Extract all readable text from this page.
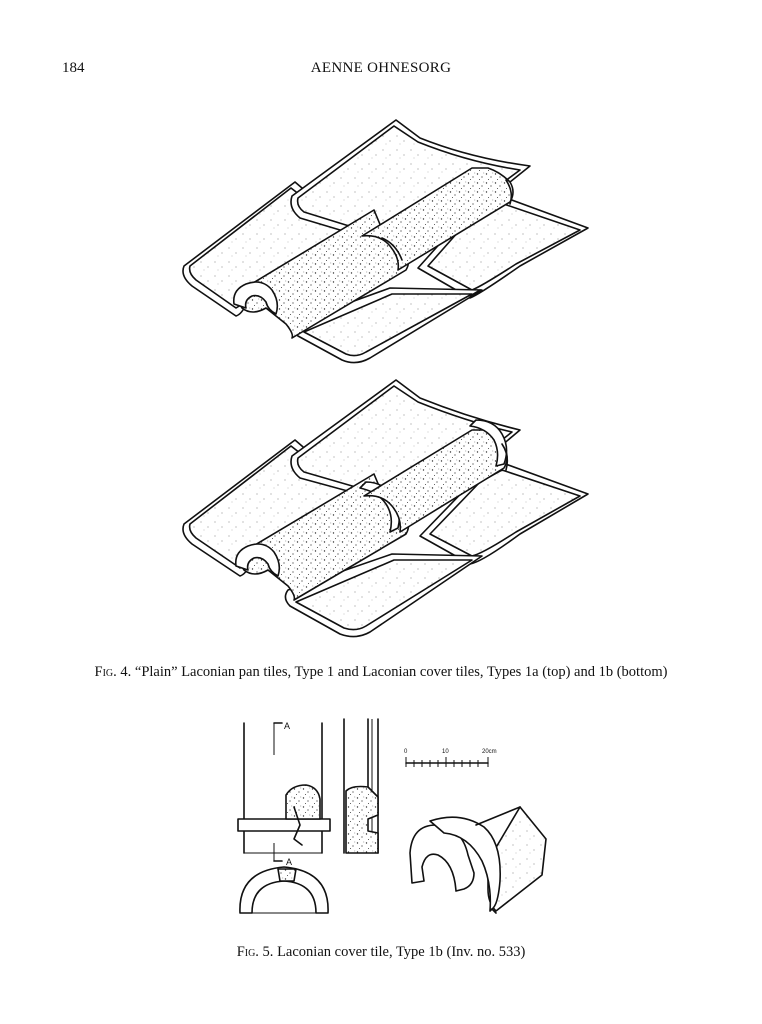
184	AENNE OHNESORG
Fig. 4. “Plain” Laconian pan tiles, Type 1 and Laconian cover tiles, Types 1a (top) and 1b (bottom)
A
A
0	10	20cm
Fig. 5. Laconian cover tile, Type 1b (Inv. no. 533)
